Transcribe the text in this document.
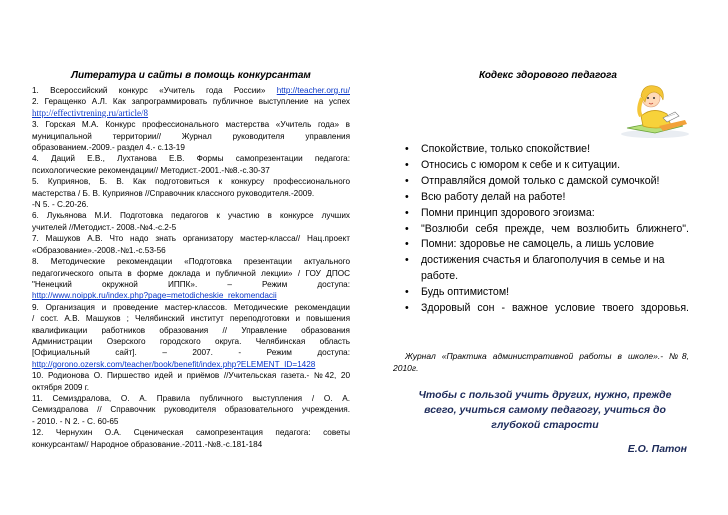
Литература и сайты в помощь конкурсантам
1. Всероссийский конкурс «Учитель года России» http://teacher.org.ru/
2. Геращенко А.Л. Как запрограммировать публичное выступление на успех
http://effectivtrening.ru/article/8
3. Горская М.А. Конкурс профессионального мастерства «Учитель года» в
муниципальной территории// Журнал руководителя управления
образованием.-2009.- раздел 4.- с.13-19
4. Даций Е.В., Лухтанова Е.В. Формы самопрезентации педагога:
психологические рекомендации// Методист.-2001.-№8.-с.30-37
5. Куприянов, Б. В. Как подготовиться к конкурсу профессионального
мастерства / Б. В. Куприянов //Справочник классного руководителя.-2009.
-N 5. - С.20-26.
6. Лукьянова М.И. Подготовка педагогов к участию в конкурсе лучших
учителей //Методист.- 2008.-№4.-с.2-5
7. Машуков А.В. Что надо знать организатору мастер-класса// Нац.проект
«Образование».-2008.-№1.-с.53-56
8. Методические рекомендации «Подготовка презентации актуального
педагогического опыта в форме доклада и публичной лекции» / ГОУ ДПОС
"Ненецкий окружной ИППК». – Режим доступа:
http://www.noippk.ru/index.php?page=metodicheskie_rekomendacii
9. Организация и проведение мастер-классов. Методические рекомендации
/ сост. А.В. Машуков ; Челябинский институт переподготовки и повышения
квалификации работников образования // Управление образования
Администрации Озерского городского округа. Челябинская область
[Официальный сайт]. – 2007. - Режим доступа:
http://gorono.ozersk.com/teacher/book/benefit/index.php?ELEMENT_ID=1428
10. Родионова О. Пиршество идей и приёмов //Учительская газета.- №42, 20
октября 2009 г.
11. Семиздралова, О. А. Правила публичного выступления / О. А.
Семиздралова // Справочник руководителя образовательного учреждения.
- 2010. - N 2. - С. 60-65
12. Чернухин О.А. Сценическая самопрезентация педагога: советы
конкурсантам// Народное образование.-2011.-№8.-с.181-184
Кодекс здорового педагога
• Спокойствие, только спокойствие!
• Относись с юмором к себе и к ситуации.
• Отправляйся домой только с дамской сумочкой!
• Всю работу делай на работе!
• Помни принцип здорового эгоизма:
• "Возлюби себя прежде, чем возлюбить ближнего".
• Помни: здоровье не самоцель, а лишь условие
• достижения счастья и благополучия в семье и на работе.
• Будь оптимистом!
• Здоровый сон - важное условие твоего здоровья.
Журнал «Практика административной работы в школе».- №8,
2010г.
Чтобы с пользой учить других, нужно, прежде всего, учиться самому педагогу, учиться до глубокой старости
Е.О. Патон
